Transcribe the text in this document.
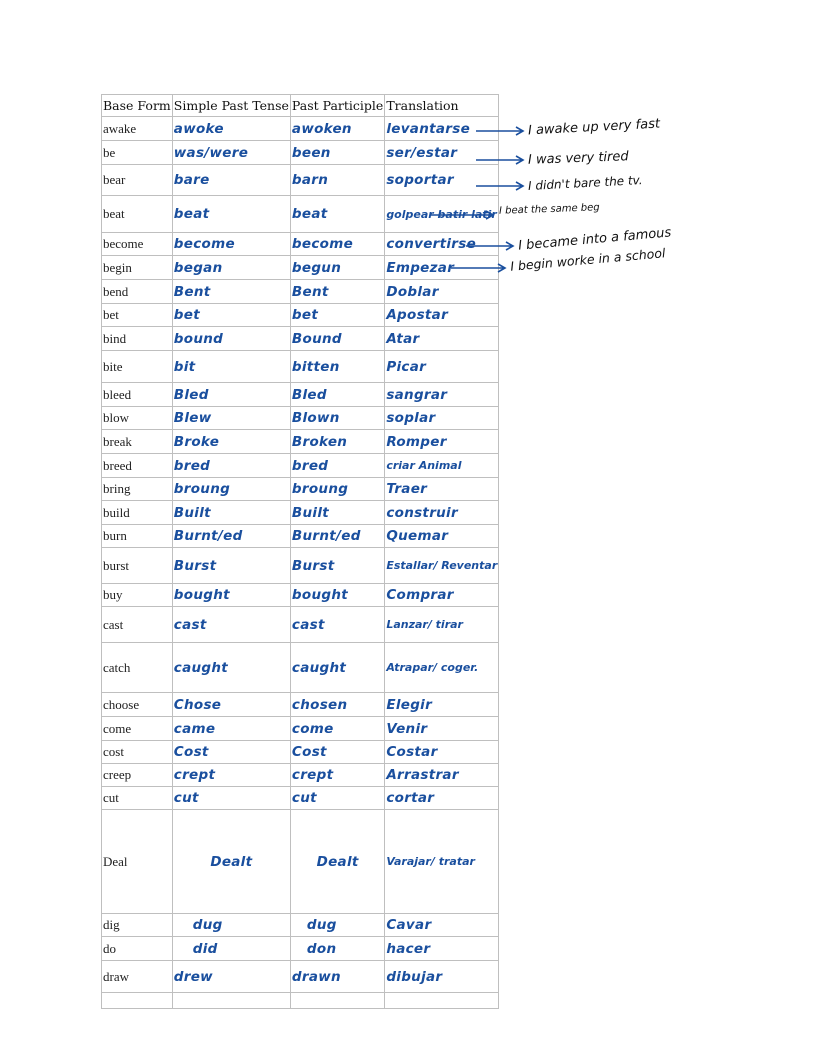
Base Form	Simple Past Tense	Past Participle	Translation
awake	awoke	awoken	levantarse
be	was/were	been	ser/estar
bear	bare	barn	soportar
beat	beat	beat	golpear batir latir
become	become	become	convertirse
begin	began	begun	Empezar
bend	Bent	Bent	Doblar
bet	bet	bet	Apostar
bind	bound	Bound	Atar
bite	bit	bitten	Picar
bleed	Bled	Bled	sangrar
blow	Blew	Blown	soplar
break	Broke	Broken	Romper
breed	bred	bred	criar Animal
bring	broung	broung	Traer
build	Built	Built	construir
burn	Burnt/ed	Burnt/ed	Quemar
burst	Burst	Burst	Estallar/ Reventar
buy	bought	bought	Comprar
cast	cast	cast	Lanzar/ tirar
catch	caught	caught	Atrapar/ coger.
choose	Chose	chosen	Elegir
come	came	come	Venir
cost	Cost	Cost	Costar
creep	crept	crept	Arrastrar
cut	cut	cut	cortar
Deal	Dealt	Dealt	Varajar/ tratar
dig	dug	dug	Cavar
do	did	don	hacer
draw	drew	drawn	dibujar

I awake up very fast
I was very tired
I didn't bare the tv.
I beat the same beg
I became into a famous
I begin worke in a school
